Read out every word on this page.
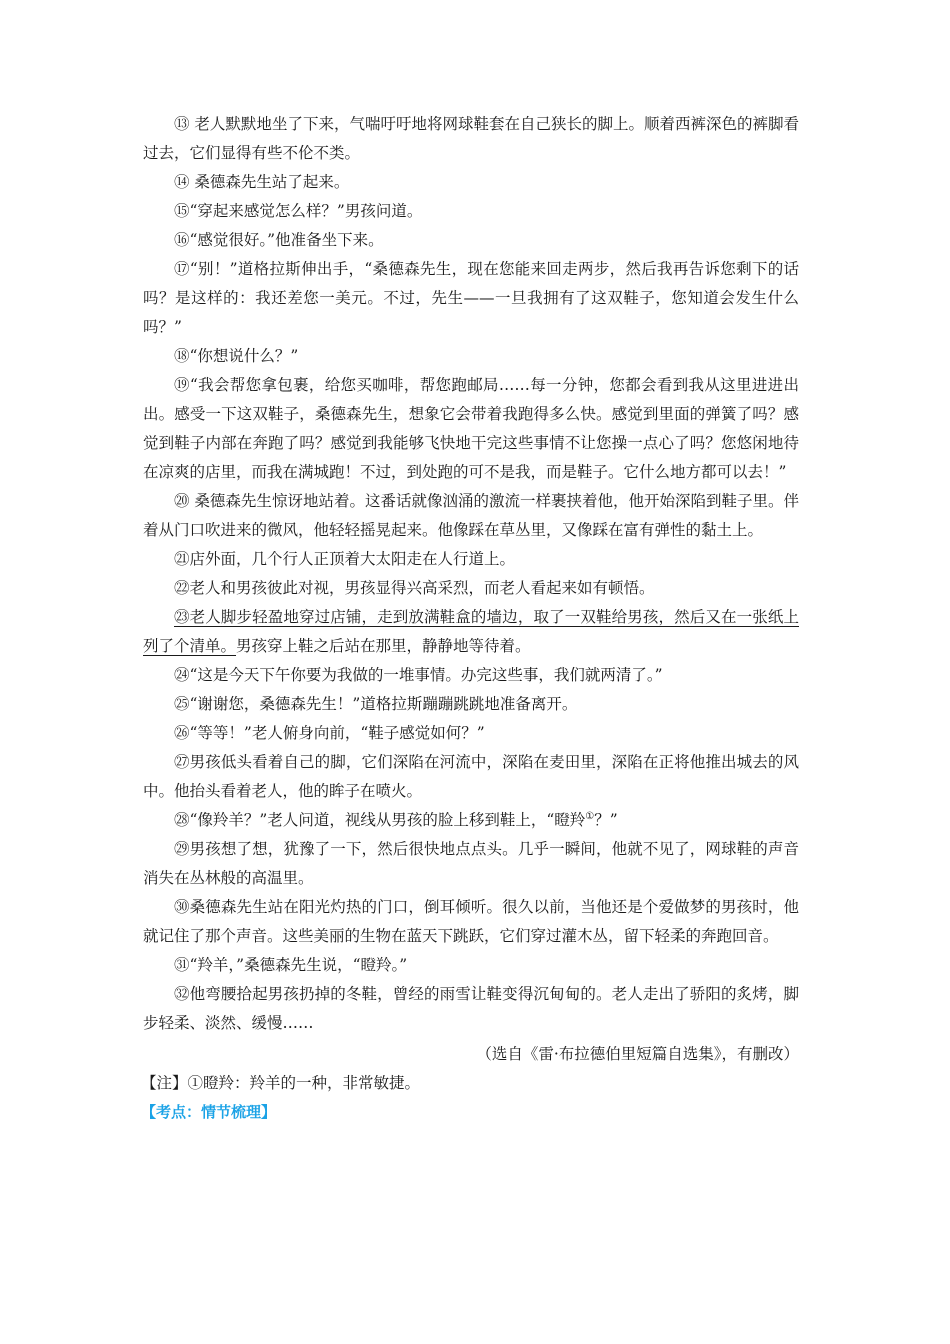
⑬ 老人默默地坐了下来，气喘吁吁地将网球鞋套在自己狭长的脚上。顺着西裤深色的裤脚看过去，它们显得有些不伦不类。

⑭ 桑德森先生站了起来。

⑮“穿起来感觉怎么样？”男孩问道。

⑯“感觉很好。”他准备坐下来。

⑰“别！”道格拉斯伸出手，“桑德森先生，现在您能来回走两步，然后我再告诉您剩下的话吗？是这样的：我还差您一美元。不过，先生——一旦我拥有了这双鞋子，您知道会发生什么吗？”

⑱“你想说什么？”

⑲“我会帮您拿包裹，给您买咖啡，帮您跑邮局……每一分钟，您都会看到我从这里进进出出。感受一下这双鞋子，桑德森先生，想象它会带着我跑得多么快。感觉到里面的弹簧了吗？感觉到鞋子内部在奔跑了吗？感觉到我能够飞快地干完这些事情不让您操一点心了吗？您悠闲地待在凉爽的店里，而我在满城跑！不过，到处跑的可不是我，而是鞋子。它什么地方都可以去！”

⑳ 桑德森先生惊讶地站着。这番话就像汹涌的激流一样裹挟着他，他开始深陷到鞋子里。伴着从门口吹进来的微风，他轻轻摇晃起来。他像踩在草丛里，又像踩在富有弹性的黏土上。

㉑店外面，几个行人正顶着大太阳走在人行道上。

㉒老人和男孩彼此对视，男孩显得兴高采烈，而老人看起来如有顿悟。

㉓老人脚步轻盈地穿过店铺，走到放满鞋盒的墙边，取了一双鞋给男孩，然后又在一张纸上列了个清单。男孩穿上鞋之后站在那里，静静地等待着。

㉔“这是今天下午你要为我做的一堆事情。办完这些事，我们就两清了。”

㉕“谢谢您，桑德森先生！”道格拉斯蹦蹦跳跳地准备离开。

㉖“等等！”老人俯身向前，“鞋子感觉如何？”

㉗男孩低头看着自己的脚，它们深陷在河流中，深陷在麦田里，深陷在正将他推出城去的风中。他抬头看着老人，他的眸子在喷火。

㉘“像羚羊？”老人问道，视线从男孩的脸上移到鞋上，“瞪羚①？”

㉙男孩想了想，犹豫了一下，然后很快地点点头。几乎一瞬间，他就不见了，网球鞋的声音消失在丛林般的高温里。

㉚桑德森先生站在阳光灼热的门口，倒耳倾听。很久以前，当他还是个爱做梦的男孩时，他就记住了那个声音。这些美丽的生物在蓝天下跳跃，它们穿过灌木丛，留下轻柔的奔跑回音。

㉛“羚羊，”桑德森先生说，“瞪羚。”

㉜他弯腰拾起男孩扔掉的冬鞋，曾经的雨雪让鞋变得沉甸甸的。老人走出了骄阳的炙烤，脚步轻柔、淡然、缓慢……

（选自《雷·布拉德伯里短篇自选集》，有删改）

【注】①瞪羚：羚羊的一种，非常敏捷。

【考点：情节梳理】
